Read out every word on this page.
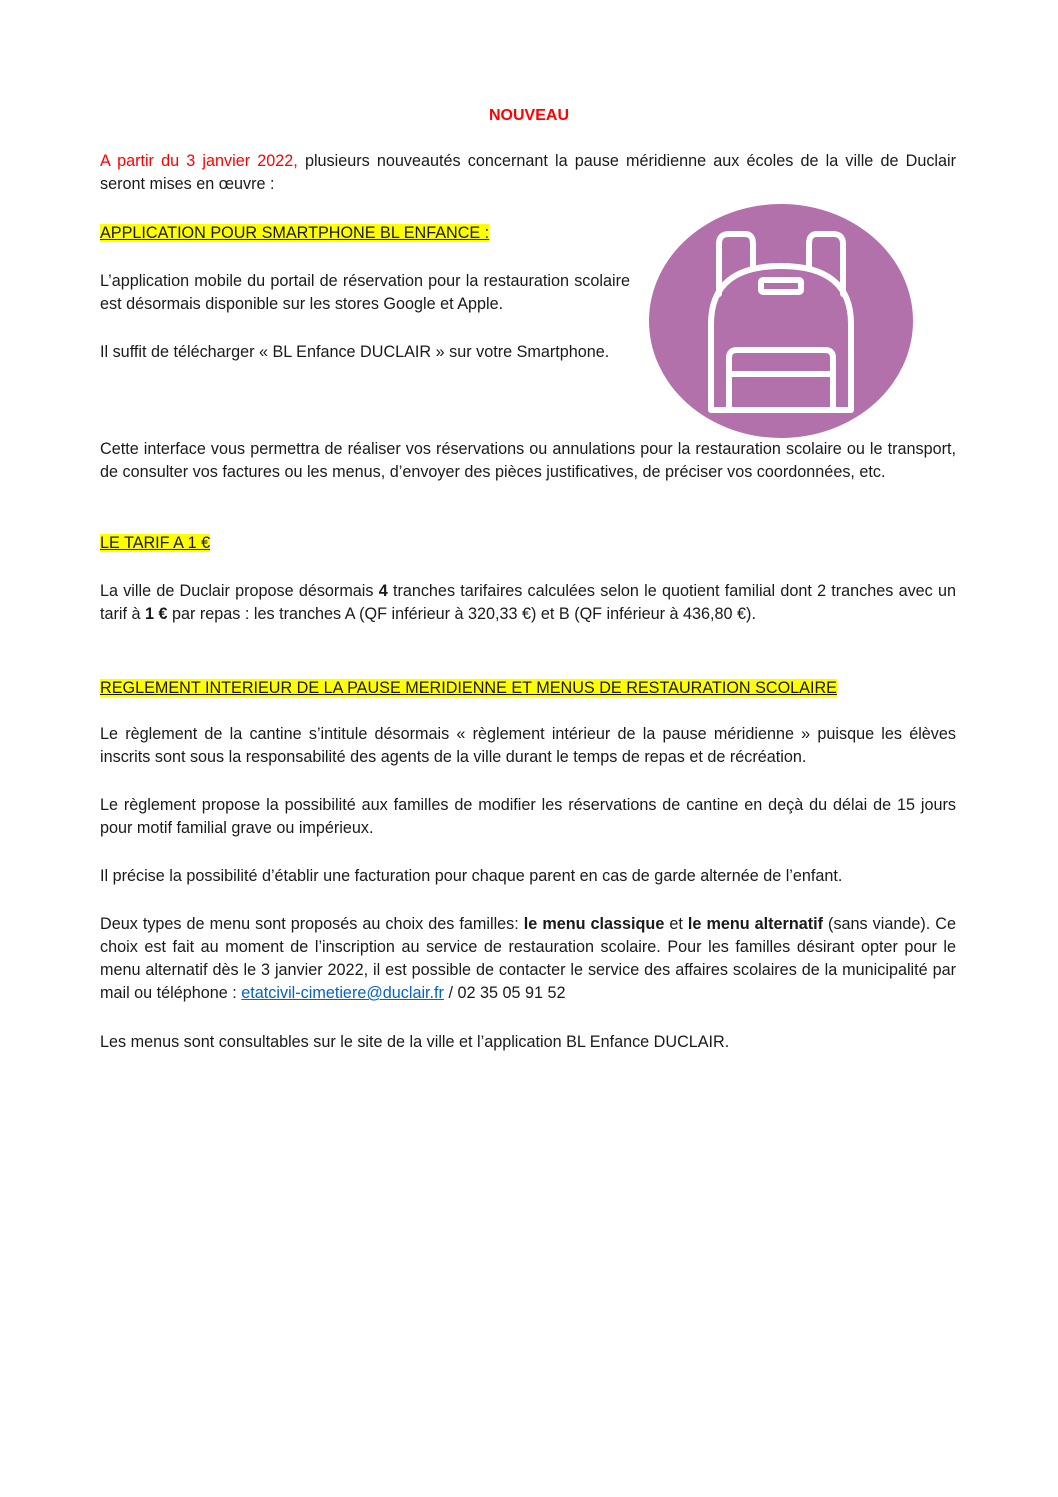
NOUVEAU

A partir du 3 janvier 2022, plusieurs nouveautés concernant la pause méridienne aux écoles de la ville de Duclair seront mises en œuvre :

APPLICATION POUR SMARTPHONE BL ENFANCE :

L’application mobile du portail de réservation pour la restauration scolaire est désormais disponible sur les stores Google et Apple.

Il suffit de télécharger « BL Enfance DUCLAIR » sur votre Smartphone.

Cette interface vous permettra de réaliser vos réservations ou annulations pour la restauration scolaire ou le transport, de consulter vos factures ou les menus, d’envoyer des pièces justificatives, de préciser vos coordonnées, etc.

LE TARIF A 1 €

La ville de Duclair propose désormais 4 tranches tarifaires calculées selon le quotient familial dont 2 tranches avec un tarif à 1 € par repas : les tranches A (QF inférieur à 320,33 €) et B (QF inférieur à 436,80 €).

REGLEMENT INTERIEUR DE LA PAUSE MERIDIENNE ET MENUS DE RESTAURATION SCOLAIRE

Le règlement de la cantine s’intitule désormais « règlement intérieur de la pause méridienne » puisque les élèves inscrits sont sous la responsabilité des agents de la ville durant le temps de repas et de récréation.

Le règlement propose la possibilité aux familles de modifier les réservations de cantine en deçà du délai de 15 jours pour motif familial grave ou impérieux.

Il précise la possibilité d’établir une facturation pour chaque parent en cas de garde alternée de l’enfant.

Deux types de menu sont proposés au choix des familles: le menu classique et le menu alternatif (sans viande). Ce choix est fait au moment de l’inscription au service de restauration scolaire. Pour les familles désirant opter pour le menu alternatif dès le 3 janvier 2022, il est possible de contacter le service des affaires scolaires de la municipalité par mail ou téléphone : etatcivil-cimetiere@duclair.fr / 02 35 05 91 52

Les menus sont consultables sur le site de la ville et l’application BL Enfance DUCLAIR.
